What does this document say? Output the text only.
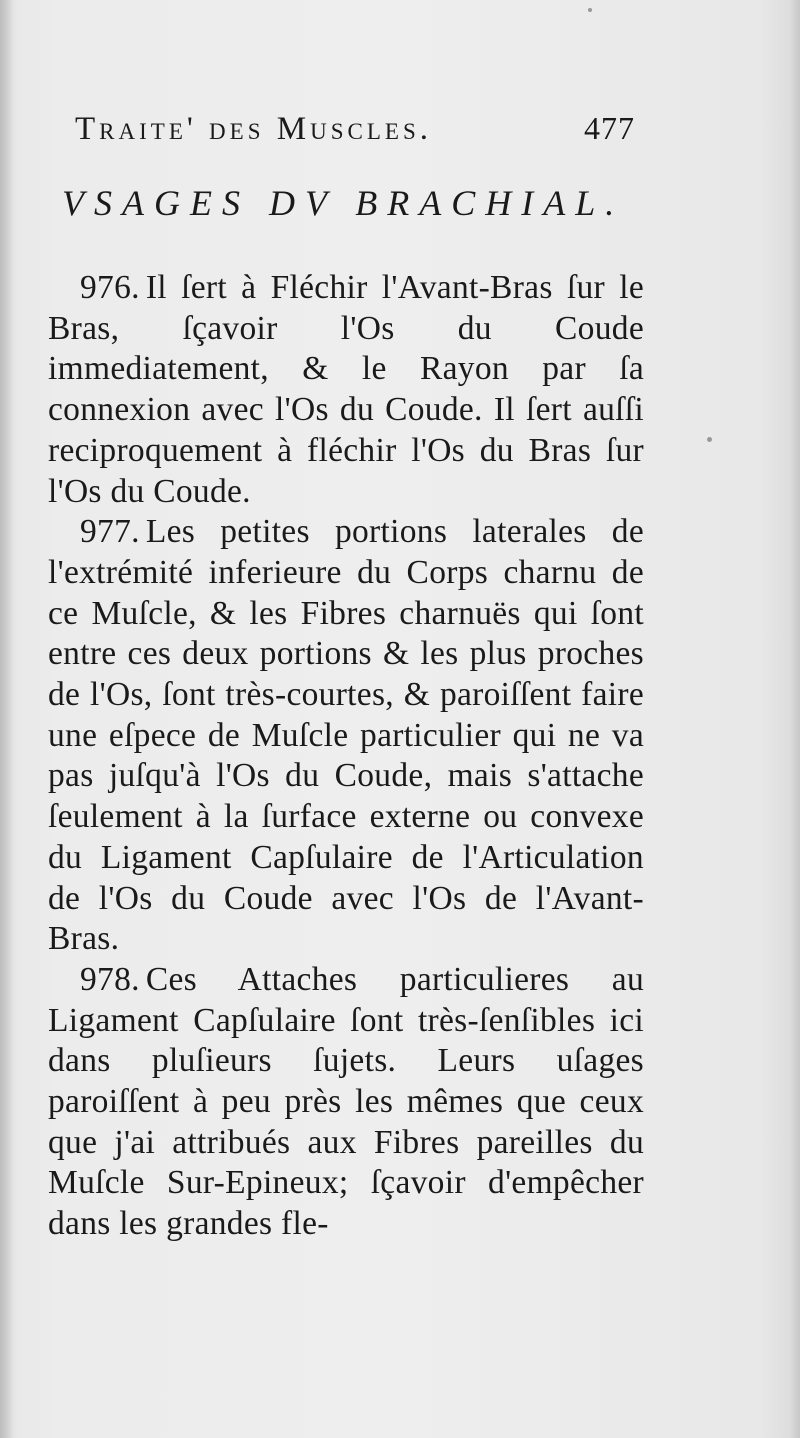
Traite' des Muscles.	477
VSAGES DV BRACHIAL.

976. Il ſert à Fléchir l'Avant-Bras ſur le Bras, ſçavoir l'Os du Coude immediatement, & le Rayon par ſa connexion avec l'Os du Coude. Il ſert auſſi reciproquement à fléchir l'Os du Bras ſur l'Os du Coude.

977. Les petites portions laterales de l'extrémité inferieure du Corps charnu de ce Muſcle, & les Fibres charnuës qui ſont entre ces deux portions & les plus proches de l'Os, ſont très-courtes, & paroiſſent faire une eſpece de Muſcle particulier qui ne va pas juſqu'à l'Os du Coude, mais s'attache ſeulement à la ſurface externe ou convexe du Ligament Capſulaire de l'Articulation de l'Os du Coude avec l'Os de l'Avant-Bras.

978. Ces Attaches particulieres au Ligament Capſulaire ſont très-ſenſibles ici dans pluſieurs ſujets. Leurs uſages paroiſſent à peu près les mêmes que ceux que j'ai attribués aux Fibres pareilles du Muſcle Sur-Epineux; ſçavoir d'empêcher dans les grandes fle-
